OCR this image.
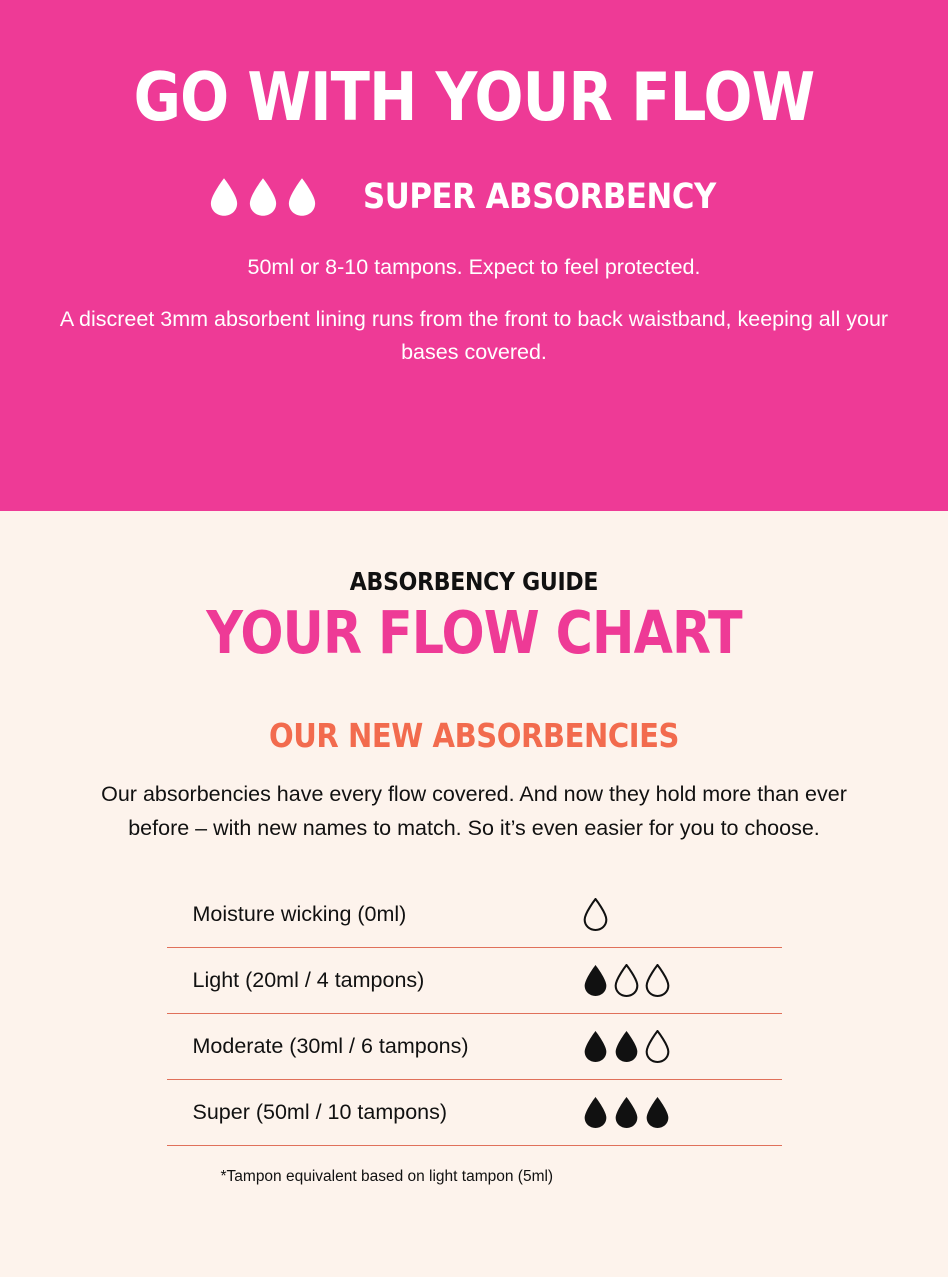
GO WITH YOUR FLOW
SUPER ABSORBENCY

50ml or 8-10 tampons. Expect to feel protected.

A discreet 3mm absorbent lining runs from the front to back waistband, keeping all your bases covered.

ABSORBENCY GUIDE
YOUR FLOW CHART
OUR NEW ABSORBENCIES

Our absorbencies have every flow covered. And now they hold more than ever before – with new names to match. So it’s even easier for you to choose.

Moisture wicking (0ml)
Light (20ml / 4 tampons)
Moderate (30ml / 6 tampons)
Super (50ml / 10 tampons)
*Tampon equivalent based on light tampon (5ml)
